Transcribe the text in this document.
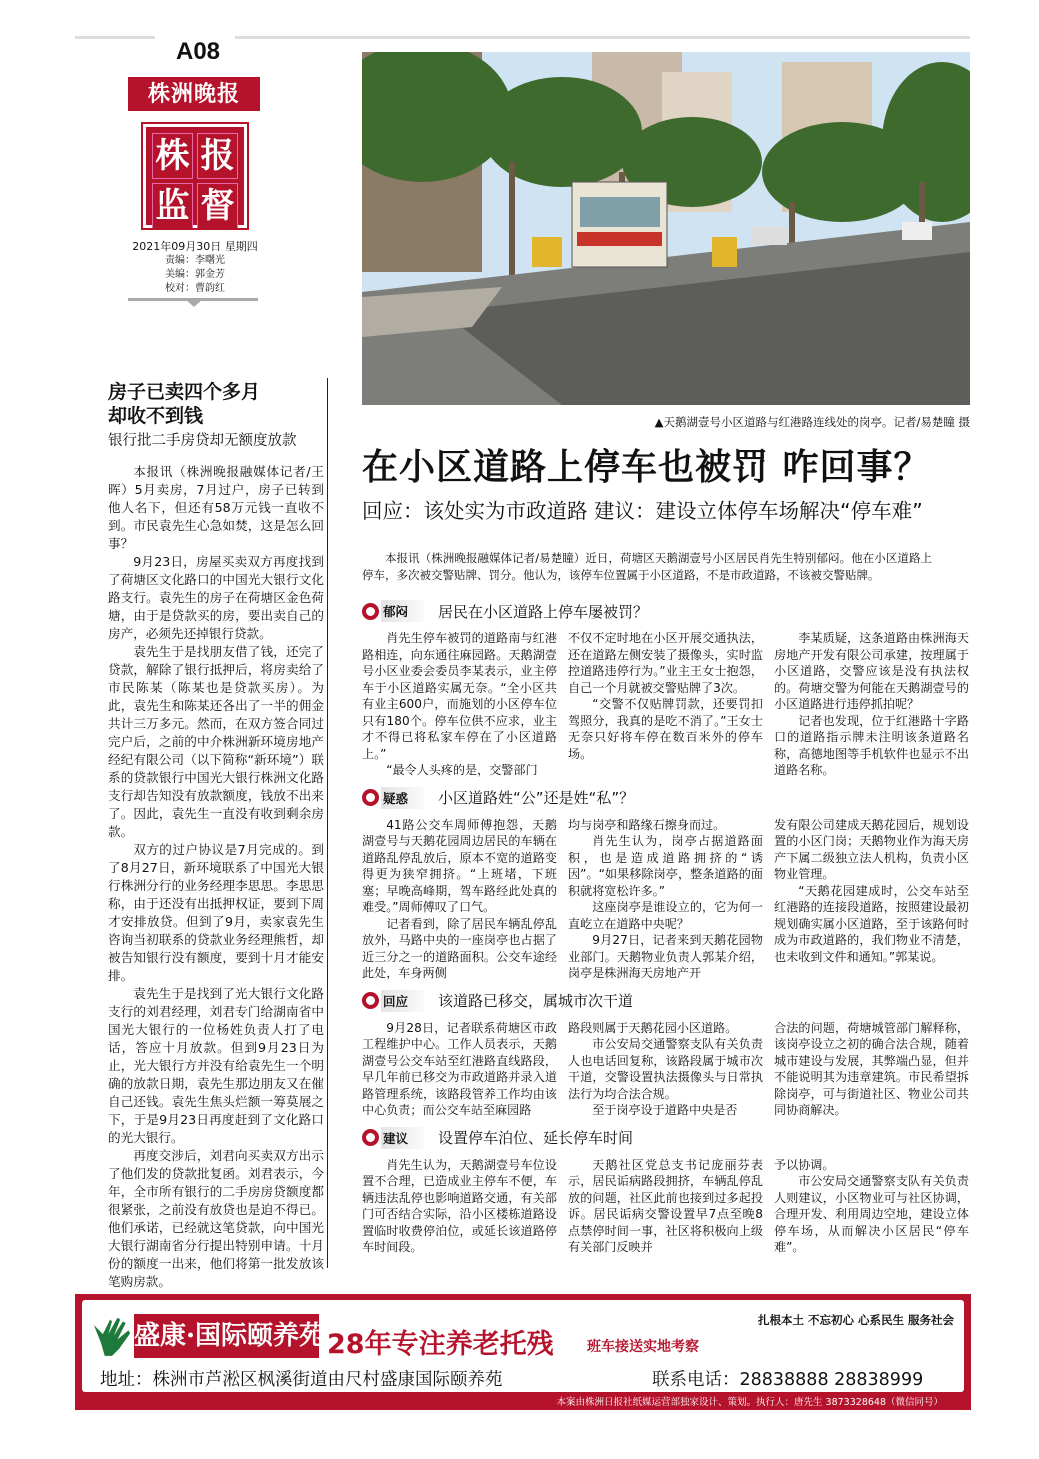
A08
株洲晚报
株 报
监 督
2021年09月30日 星期四
责编：李曙光
美编：郭金芳
校对：曹韵红
房子已卖四个多月
却收不到钱
银行批二手房贷却无额度放款

本报讯（株洲晚报融媒体记者/王晖）5月卖房，7月过户，房子已转到他人名下，但还有58万元钱一直收不到。市民袁先生心急如焚，这是怎么回事？

9月23日，房屋买卖双方再度找到了荷塘区文化路口的中国光大银行文化路支行。袁先生的房子在荷塘区金色荷塘，由于是贷款买的房，要出卖自己的房产，必须先还掉银行贷款。

袁先生于是找朋友借了钱，还完了贷款，解除了银行抵押后，将房卖给了市民陈某（陈某也是贷款买房）。为此，袁先生和陈某还各出了一半的佣金共计三万多元。然而，在双方签合同过完户后，之前的中介株洲新环境房地产经纪有限公司（以下简称“新环境”）联系的贷款银行中国光大银行株洲文化路支行却告知没有放款额度，钱放不出来了。因此，袁先生一直没有收到剩余房款。

双方的过户协议是7月完成的。到了8月27日，新环境联系了中国光大银行株洲分行的业务经理李思思。李思思称，由于还没有出抵押权证，要到下周才安排放贷。但到了9月，卖家袁先生咨询当初联系的贷款业务经理熊哲，却被告知银行没有额度，要到十月才能安排。

袁先生于是找到了光大银行文化路支行的刘君经理，刘君专门给湖南省中国光大银行的一位杨姓负责人打了电话，答应十月放款。但到9月23日为止，光大银行方并没有给袁先生一个明确的放款日期，袁先生那边朋友又在催自己还钱。袁先生焦头烂额一筹莫展之下，于是9月23日再度赶到了文化路口的光大银行。

再度交涉后，刘君向买卖双方出示了他们发的贷款批复函。刘君表示，今年，全市所有银行的二手房房贷额度都很紧张，之前没有放贷也是迫不得已。他们承诺，已经就这笔贷款，向中国光大银行湖南省分行提出特别申请。十月份的额度一出来，他们将第一批发放该笔购房款。

▲天鹅湖壹号小区道路与红港路连线处的岗亭。记者/易楚瞳 摄
在小区道路上停车也被罚 咋回事？
回应：该处实为市政道路 建议：建设立体停车场解决“停车难”
本报讯（株洲晚报融媒体记者/易楚瞳）近日，荷塘区天鹅湖壹号小区居民肖先生特别郁闷。他在小区道路上停车，多次被交警贴牌、罚分。他认为，该停车位置属于小区道路，不是市政道路，不该被交警贴牌。
郁闷	居民在小区道路上停车屡被罚？

肖先生停车被罚的道路南与红港路相连，向东通往麻园路。天鹅湖壹号小区业委会委员李某表示，业主停车于小区道路实属无奈。“全小区共有业主600户，而施划的小区停车位只有180个。停车位供不应求，业主才不得已将私家车停在了小区道路上。”

“最令人头疼的是，交警部门

不仅不定时地在小区开展交通执法，还在道路左侧安装了摄像头，实时监控道路违停行为。”业主王女士抱怨，自己一个月就被交警贴牌了3次。

“交警不仅贴牌罚款，还要罚扣驾照分，我真的是吃不消了。”王女士无奈只好将车停在数百米外的停车场。

李某质疑，这条道路由株洲海天房地产开发有限公司承建，按理属于小区道路，交警应该是没有执法权的。荷塘交警为何能在天鹅湖壹号的小区道路进行违停抓拍呢？

记者也发现，位于红港路十字路口的道路指示牌未注明该条道路名称，高德地图等手机软件也显示不出道路名称。

疑惑	小区道路姓“公”还是姓“私”？

41路公交车周师傅抱怨，天鹅湖壹号与天鹅花园周边居民的车辆在道路乱停乱放后，原本不宽的道路变得更为狭窄拥挤。“上班堵，下班塞；早晚高峰期，驾车路经此处真的难受。”周师傅叹了口气。

记者看到，除了居民车辆乱停乱放外，马路中央的一座岗亭也占据了近三分之一的道路面积。公交车途经此处，车身两侧

均与岗亭和路缘石擦身而过。

肖先生认为，岗亭占据道路面积，也是造成道路拥挤的“诱因”。“如果移除岗亭，整条道路的面积就将宽松许多。”

这座岗亭是谁设立的，它为何一直屹立在道路中央呢？

9月27日，记者来到天鹅花园物业部门。天鹅物业负责人郭某介绍，岗亭是株洲海天房地产开

发有限公司建成天鹅花园后，规划设置的小区门岗；天鹅物业作为海天房产下属二级独立法人机构，负责小区物业管理。

“天鹅花园建成时，公交车站至红港路的连接段道路，按照建设最初规划确实属小区道路，至于该路何时成为市政道路的，我们物业不清楚，也未收到文件和通知。”郭某说。

回应	该道路已移交，属城市次干道

9月28日，记者联系荷塘区市政工程维护中心。工作人员表示，天鹅湖壹号公交车站至红港路直线路段，早几年前已移交为市政道路并录入道路管理系统，该路段管养工作均由该中心负责；而公交车站至麻园路

路段则属于天鹅花园小区道路。

市公安局交通警察支队有关负责人也电话回复称，该路段属于城市次干道，交警设置执法摄像头与日常执法行为均合法合规。

至于岗亭设于道路中央是否

合法的问题，荷塘城管部门解释称，该岗亭设立之初的确合法合规，随着城市建设与发展，其弊端凸显，但并不能说明其为违章建筑。市民希望拆除岗亭，可与街道社区、物业公司共同协商解决。

建议	设置停车泊位、延长停车时间

肖先生认为，天鹅湖壹号车位设置不合理，已造成业主停车不便，车辆违法乱停也影响道路交通，有关部门可否结合实际，沿小区楼栋道路设置临时收费停泊位，或延长该道路停车时间段。

天鹅社区党总支书记庞丽芬表示，居民诟病路段拥挤，车辆乱停乱放的问题，社区此前也接到过多起投诉。居民诟病交警设置早7点至晚8点禁停时间一事，社区将积极向上级有关部门反映并

予以协调。

市公安局交通警察支队有关负责人则建议，小区物业可与社区协调，合理开发、利用周边空地，建设立体停车场，从而解决小区居民“停车难”。

盛康·国际颐养苑 28年专注养老托残 班车接送实地考察
扎根本土 不忘初心 心系民生 服务社会
地址：株洲市芦淞区枫溪街道由尺村盛康国际颐养苑	联系电话：28838888 28838999
本案由株洲日报社纸媒运营部独家设计、策划。执行人：唐先生 3873328648（微信同号）
